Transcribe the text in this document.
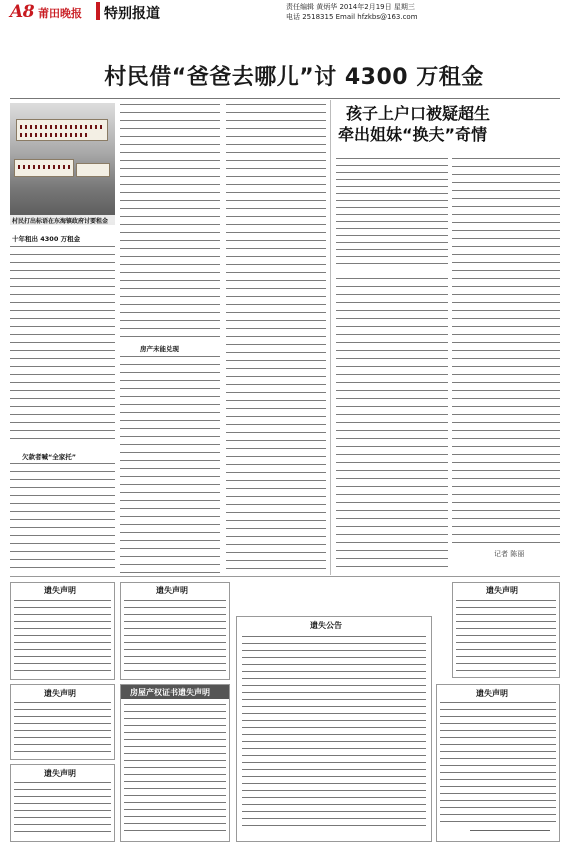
A8 莆田晚报 特别报道	责任编辑 黄炳华 2014年2月19日 星期三
电话 2518315 Email hfzkbs@163.com
村民借“爸爸去哪儿”讨 4300 万租金
村民打出标语在东海镇政府讨要租金
十年租出 4300 万租金
欠款者喊“全家托”
房产未能兑现
孩子上户口被疑超生
牵出姐妹“换夫”奇情
记者 陈丽
遗失声明
遗失声明
遗失声明
遗失声明
房屋产权证书遗失声明
遗失公告
遗失声明
遗失声明
